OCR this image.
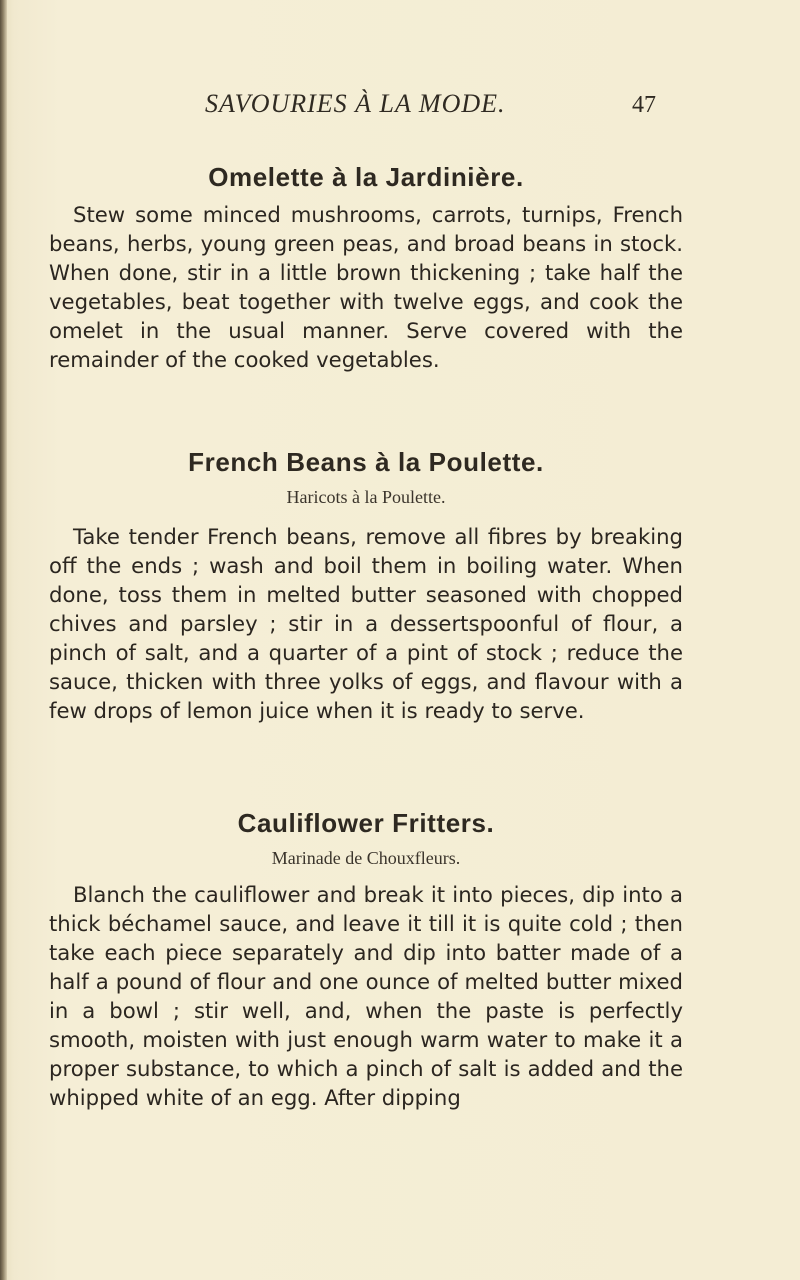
SAVOURIES À LA MODE.	47
Omelette à la Jardinière.

Stew some minced mushrooms, carrots, turnips, French beans, herbs, young green peas, and broad beans in stock. When done, stir in a little brown thickening ; take half the vegetables, beat together with twelve eggs, and cook the omelet in the usual manner. Serve covered with the remainder of the cooked vegetables.

French Beans à la Poulette.

Haricots à la Poulette.

Take tender French beans, remove all fibres by breaking off the ends ; wash and boil them in boiling water. When done, toss them in melted butter seasoned with chopped chives and parsley ; stir in a dessertspoonful of flour, a pinch of salt, and a quarter of a pint of stock ; reduce the sauce, thicken with three yolks of eggs, and flavour with a few drops of lemon juice when it is ready to serve.

Cauliflower Fritters.

Marinade de Chouxfleurs.

Blanch the cauliflower and break it into pieces, dip into a thick béchamel sauce, and leave it till it is quite cold ; then take each piece separately and dip into batter made of a half a pound of flour and one ounce of melted butter mixed in a bowl ; stir well, and, when the paste is perfectly smooth, moisten with just enough warm water to make it a proper substance, to which a pinch of salt is added and the whipped white of an egg. After dipping
